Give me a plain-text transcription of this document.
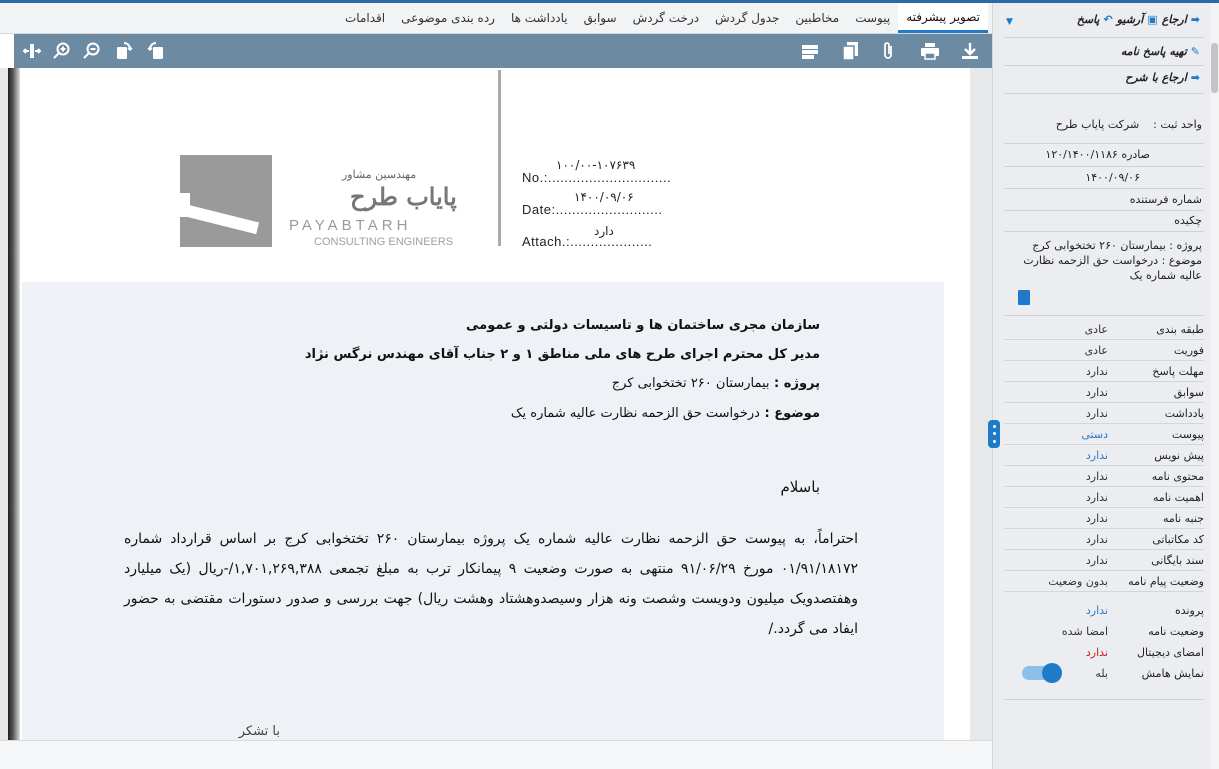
تصویر پیشرفته
پیوست
مخاطبین
جدول گردش
درخت گردش
سوابق
یادداشت ها
رده بندی موضوعی
اقدامات
مهندسین مشاور
پایاب طرح
PAYABTARH
CONSULTING ENGINEERS
۱۰۰/۰۰-۱۰۷۶۳۹
No.:..............................
۱۴۰۰/۰۹/۰۶
Date:..........................
دارد
Attach.:....................
سازمان مجری ساختمان ها و تاسیسات دولتی و عمومی
مدیر کل محترم اجرای طرح های ملی مناطق ۱ و ۲ جناب آقای مهندس نرگس نژاد
پروژه : بیمارستان ۲۶۰ تختخوابی کرج
موضوع : درخواست حق الزحمه نظارت عالیه شماره یک
باسلام
احتراماً، به پیوست حق الزحمه نظارت عالیه شماره یک پروژه بیمارستان ۲۶۰ تختخوابی کرج بر اساس قرارداد شماره ۰۱/۹۱/۱۸۱۷۲ مورخ ۹۱/۰۶/۲۹ منتهی به صورت وضعیت ۹ پیمانکار ترب به مبلغ تجمعی ۱,۷۰۱,۲۶۹,۳۸۸/-ریال (یک میلیارد وهفتصدویک میلیون ودویست وشصت ونه هزار وسیصدوهشتاد وهشت ریال) جهت بررسی و صدور دستورات مقتضی به حضور ایفاد می گردد./
با تشکر
➡
ارجاع
▣
آرشیو
↶
پاسخ
▼
✎
تهیه پاسخ نامه
➡
ارجاع با شرح
واحد ثبت :    شرکت پایاب طرح
صادره ۱۲۰/۱۴۰۰/۱۱۸۶
۱۴۰۰/۰۹/۰۶
شماره فرستنده
چکیده
پروژه : بیمارستان ۲۶۰ تختخوابی کرج
موضوع : درخواست حق الزحمه نظارت
عالیه شماره یک
طبقه بندی
عادی
فوریت
عادی
مهلت پاسخ
ندارد
سوابق
ندارد
یادداشت
ندارد
پیوست
دستی
پیش نویس
ندارد
محتوی نامه
ندارد
اهمیت نامه
ندارد
جنبه نامه
ندارد
کد مکاتباتی
ندارد
سند بایگانی
ندارد
وضعیت پیام نامه
بدون وضعیت
پرونده
ندارد
وضعیت نامه
امضا شده
امضای دیجیتال
ندارد
نمایش هامش
بله
